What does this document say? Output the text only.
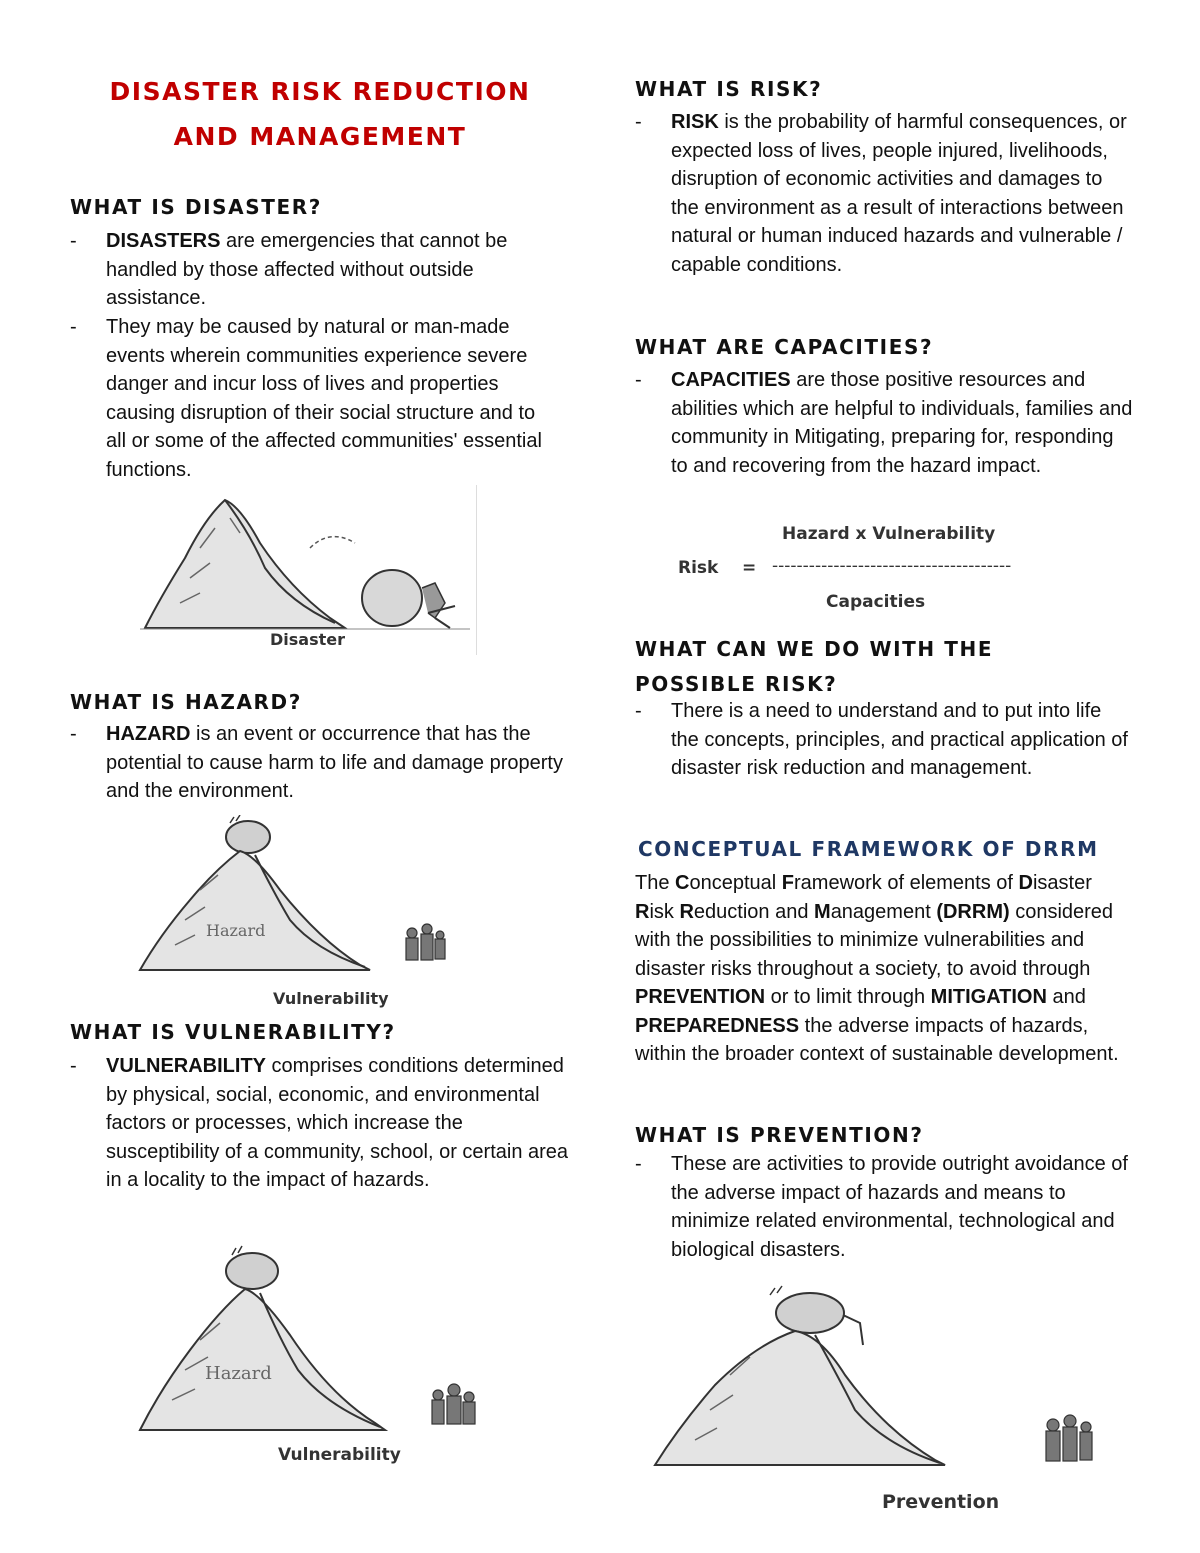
DISASTER RISK REDUCTION
AND MANAGEMENT
WHAT IS DISASTER?
- DISASTERS are emergencies that cannot be handled by those affected without outside assistance.
- They may be caused by natural or man-made events wherein communities experience severe danger and incur loss of lives and properties causing disruption of their social structure and to all or some of the affected communities' essential functions.
Disaster
WHAT IS HAZARD?
- HAZARD is an event or occurrence that has the potential to cause harm to life and damage property and the environment.
Hazard
Vulnerability
WHAT IS VULNERABILITY?
- VULNERABILITY comprises conditions determined by physical, social, economic, and environmental factors or processes, which increase the susceptibility of a community, school, or certain area in a locality to the impact of hazards.
Hazard
Vulnerability
WHAT IS RISK?
- RISK is the probability of harmful consequences, or expected loss of lives, people injured, livelihoods, disruption of economic activities and damages to the environment as a result of interactions between natural or human induced hazards and vulnerable / capable conditions.
WHAT ARE CAPACITIES?
- CAPACITIES are those positive resources and abilities which are helpful to individuals, families and community in Mitigating, preparing for, responding to and recovering from the hazard impact.
Hazard x Vulnerability
Risk = ---------------------------------------
Capacities
WHAT CAN WE DO WITH THE
POSSIBLE RISK?
- There is a need to understand and to put into life the concepts, principles, and practical application of disaster risk reduction and management.
CONCEPTUAL FRAMEWORK OF DRRM
The Conceptual Framework of elements of Disaster Risk Reduction and Management (DRRM) considered with the possibilities to minimize vulnerabilities and disaster risks throughout a society, to avoid through PREVENTION or to limit through MITIGATION and PREPAREDNESS the adverse impacts of hazards, within the broader context of sustainable development.
WHAT IS PREVENTION?
- These are activities to provide outright avoidance of the adverse impact of hazards and means to minimize related environmental, technological and biological disasters.
Prevention
